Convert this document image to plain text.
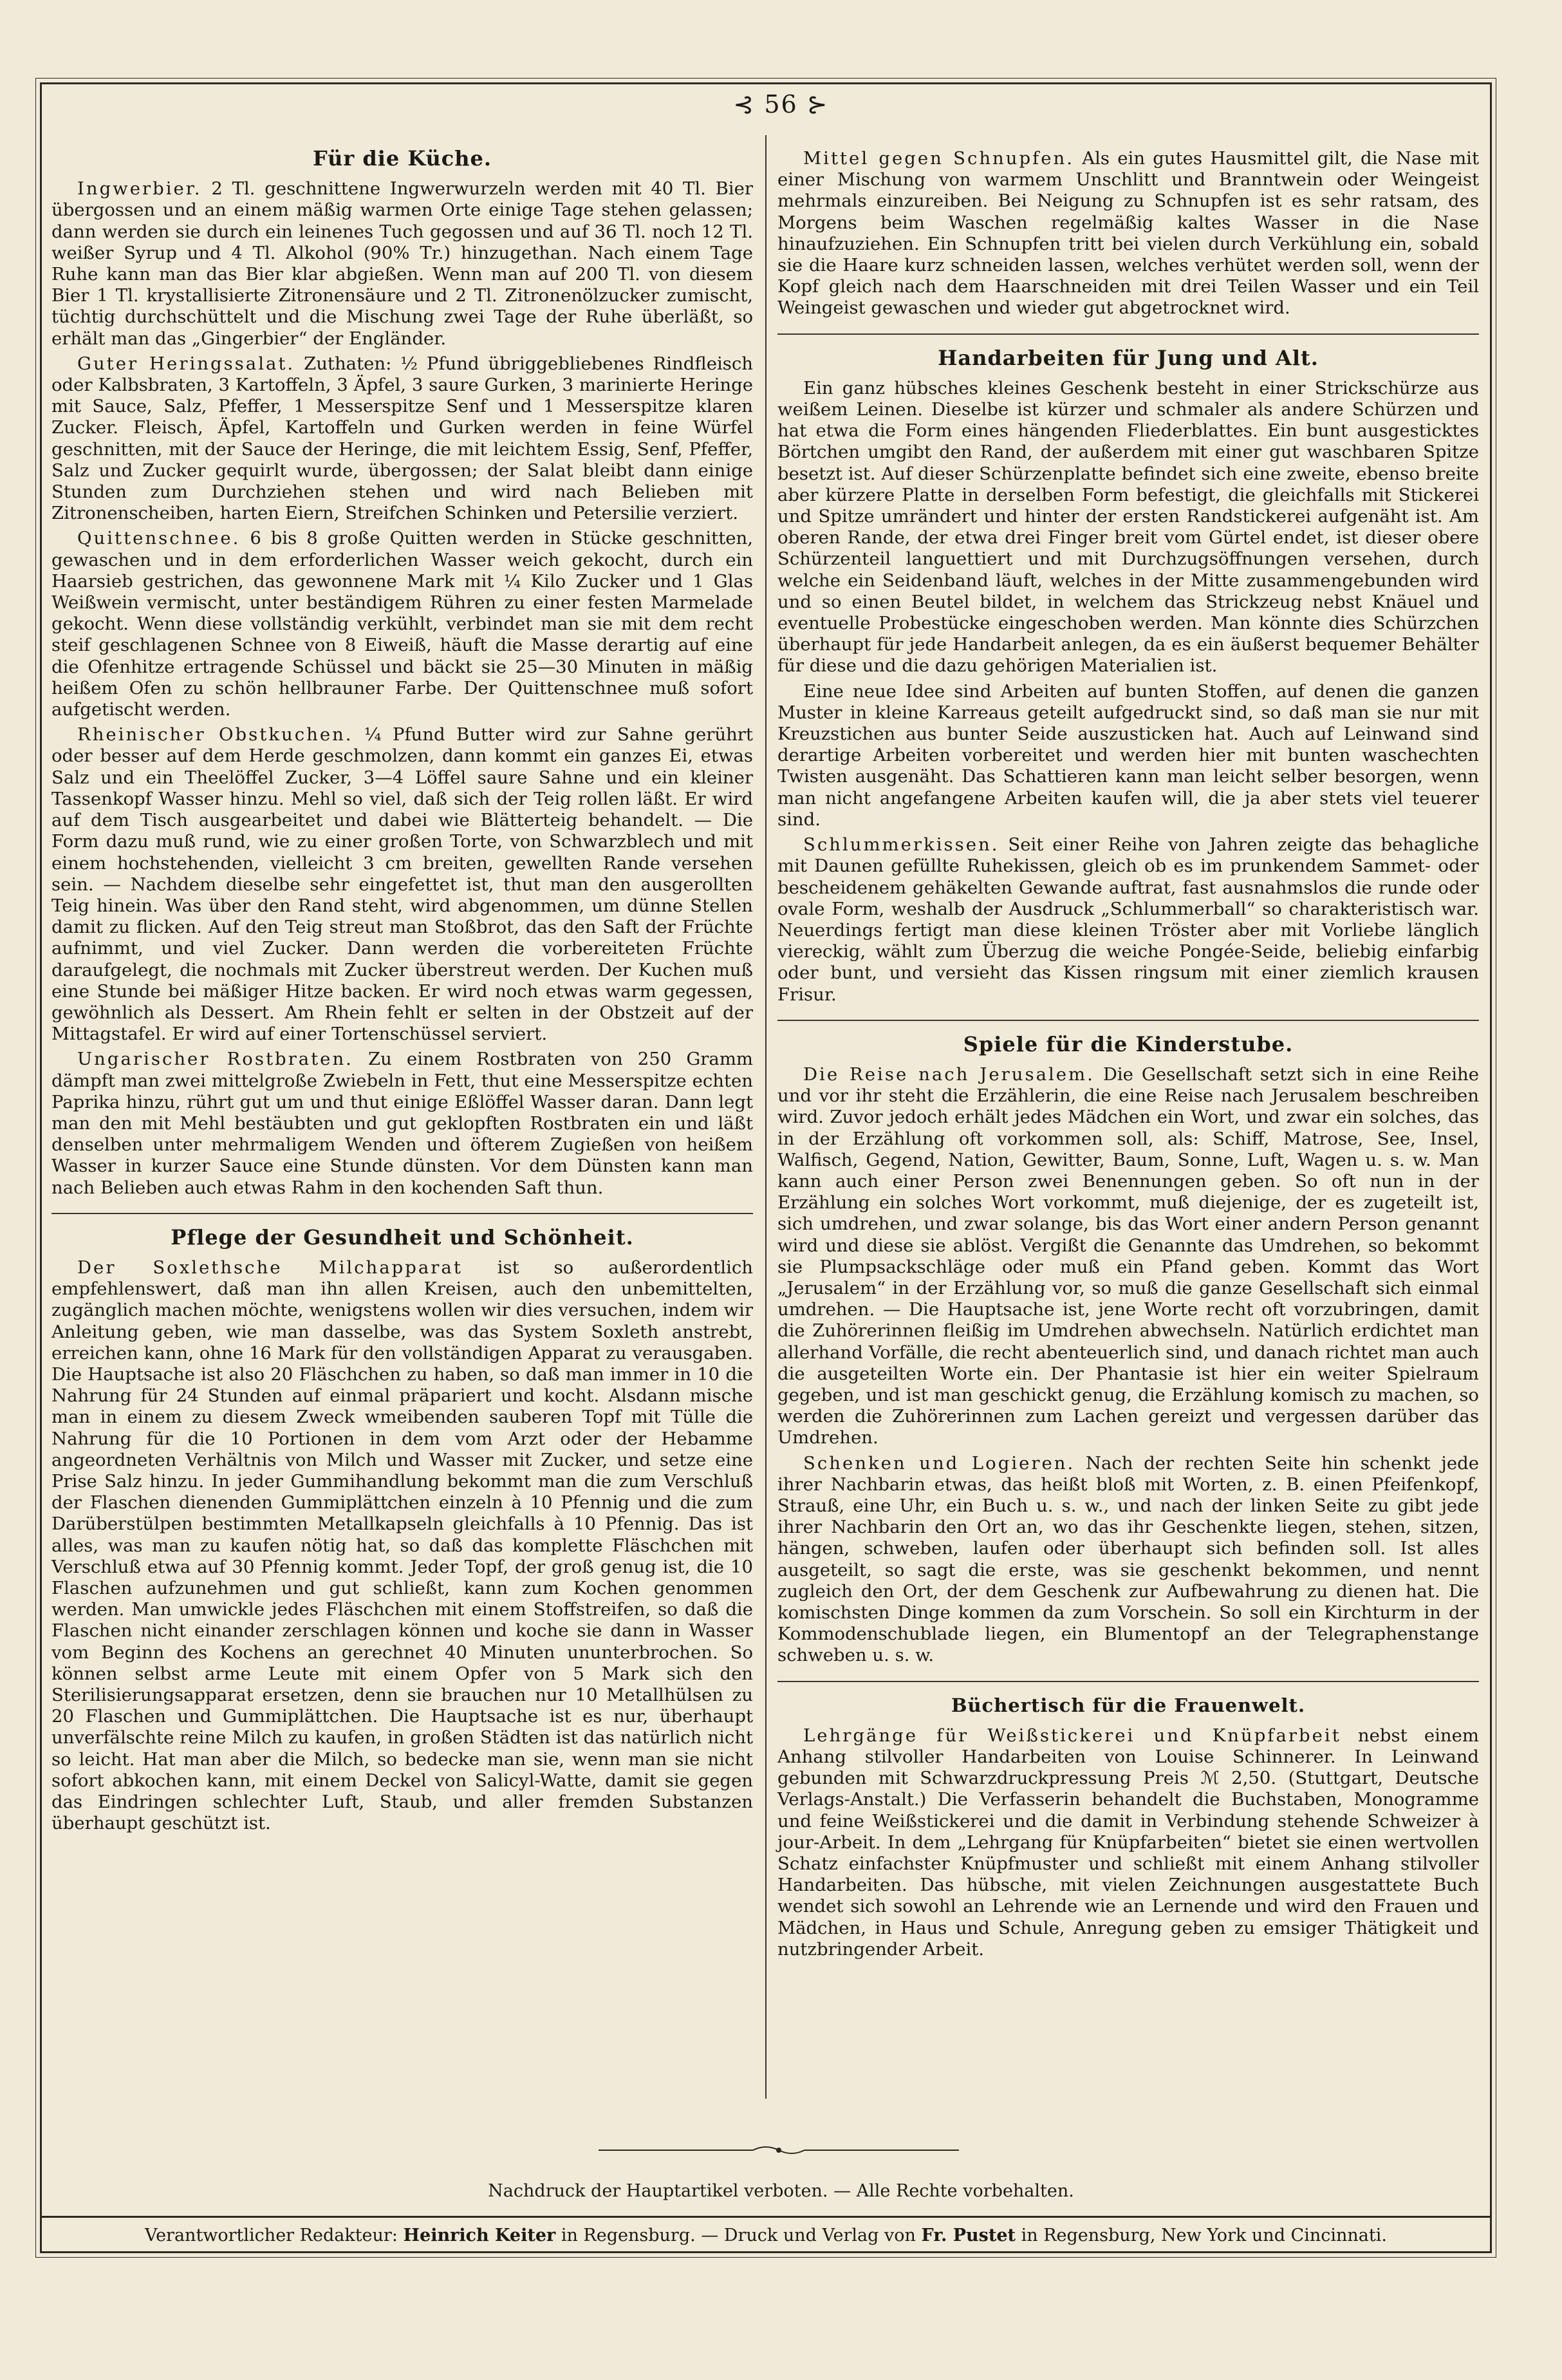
⊰ 56 ⊱
Für die Küche.

Ingwerbier. 2 Tl. geschnittene Ingwerwurzeln werden mit 40 Tl. Bier übergossen und an einem mäßig warmen Orte einige Tage stehen gelassen; dann werden sie durch ein leinenes Tuch gegossen und auf 36 Tl. noch 12 Tl. weißer Syrup und 4 Tl. Alkohol (90% Tr.) hinzugethan. Nach einem Tage Ruhe kann man das Bier klar abgießen. Wenn man auf 200 Tl. von diesem Bier 1 Tl. krystallisierte Zitronensäure und 2 Tl. Zitronenölzucker zumischt, tüchtig durchschüttelt und die Mischung zwei Tage der Ruhe überläßt, so erhält man das „Gingerbier“ der Engländer.

Guter Heringssalat. Zuthaten: ½ Pfund übriggebliebenes Rindfleisch oder Kalbsbraten, 3 Kartoffeln, 3 Äpfel, 3 saure Gurken, 3 marinierte Heringe mit Sauce, Salz, Pfeffer, 1 Messerspitze Senf und 1 Messerspitze klaren Zucker. Fleisch, Äpfel, Kartoffeln und Gurken werden in feine Würfel geschnitten, mit der Sauce der Heringe, die mit leichtem Essig, Senf, Pfeffer, Salz und Zucker gequirlt wurde, übergossen; der Salat bleibt dann einige Stunden zum Durchziehen stehen und wird nach Belieben mit Zitronenscheiben, harten Eiern, Streifchen Schinken und Petersilie verziert.

Quittenschnee. 6 bis 8 große Quitten werden in Stücke geschnitten, gewaschen und in dem erforderlichen Wasser weich gekocht, durch ein Haarsieb gestrichen, das gewonnene Mark mit ¼ Kilo Zucker und 1 Glas Weißwein vermischt, unter beständigem Rühren zu einer festen Marmelade gekocht. Wenn diese vollständig verkühlt, verbindet man sie mit dem recht steif geschlagenen Schnee von 8 Eiweiß, häuft die Masse derartig auf eine die Ofenhitze ertragende Schüssel und bäckt sie 25—30 Minuten in mäßig heißem Ofen zu schön hellbrauner Farbe. Der Quittenschnee muß sofort aufgetischt werden.

Rheinischer Obstkuchen. ¼ Pfund Butter wird zur Sahne gerührt oder besser auf dem Herde geschmolzen, dann kommt ein ganzes Ei, etwas Salz und ein Theelöffel Zucker, 3—4 Löffel saure Sahne und ein kleiner Tassenkopf Wasser hinzu. Mehl so viel, daß sich der Teig rollen läßt. Er wird auf dem Tisch ausgearbeitet und dabei wie Blätterteig behandelt. — Die Form dazu muß rund, wie zu einer großen Torte, von Schwarzblech und mit einem hochstehenden, vielleicht 3 cm breiten, gewellten Rande versehen sein. — Nachdem dieselbe sehr eingefettet ist, thut man den ausgerollten Teig hinein. Was über den Rand steht, wird abgenommen, um dünne Stellen damit zu flicken. Auf den Teig streut man Stoßbrot, das den Saft der Früchte aufnimmt, und viel Zucker. Dann werden die vorbereiteten Früchte daraufgelegt, die nochmals mit Zucker überstreut werden. Der Kuchen muß eine Stunde bei mäßiger Hitze backen. Er wird noch etwas warm gegessen, gewöhnlich als Dessert. Am Rhein fehlt er selten in der Obstzeit auf der Mittagstafel. Er wird auf einer Tortenschüssel serviert.

Ungarischer Rostbraten. Zu einem Rostbraten von 250 Gramm dämpft man zwei mittelgroße Zwiebeln in Fett, thut eine Messerspitze echten Paprika hinzu, rührt gut um und thut einige Eßlöffel Wasser daran. Dann legt man den mit Mehl bestäubten und gut geklopften Rostbraten ein und läßt denselben unter mehrmaligem Wenden und öfterem Zugießen von heißem Wasser in kurzer Sauce eine Stunde dünsten. Vor dem Dünsten kann man nach Belieben auch etwas Rahm in den kochenden Saft thun.

Pflege der Gesundheit und Schönheit.

Der Soxlethsche Milchapparat ist so außerordentlich empfehlenswert, daß man ihn allen Kreisen, auch den unbemittelten, zugänglich machen möchte, wenigstens wollen wir dies versuchen, indem wir Anleitung geben, wie man dasselbe, was das System Soxleth anstrebt, erreichen kann, ohne 16 Mark für den vollständigen Apparat zu verausgaben. Die Hauptsache ist also 20 Fläschchen zu haben, so daß man immer in 10 die Nahrung für 24 Stunden auf einmal präpariert und kocht. Alsdann mische man in einem zu diesem Zweck wmeibenden sauberen Topf mit Tülle die Nahrung für die 10 Portionen in dem vom Arzt oder der Hebamme angeordneten Verhältnis von Milch und Wasser mit Zucker, und setze eine Prise Salz hinzu. In jeder Gummihandlung bekommt man die zum Verschluß der Flaschen dienenden Gummiplättchen einzeln à 10 Pfennig und die zum Darüberstülpen bestimmten Metallkapseln gleichfalls à 10 Pfennig. Das ist alles, was man zu kaufen nötig hat, so daß das komplette Fläschchen mit Verschluß etwa auf 30 Pfennig kommt. Jeder Topf, der groß genug ist, die 10 Flaschen aufzunehmen und gut schließt, kann zum Kochen genommen werden. Man umwickle jedes Fläschchen mit einem Stoffstreifen, so daß die Flaschen nicht einander zerschlagen können und koche sie dann in Wasser vom Beginn des Kochens an gerechnet 40 Minuten ununterbrochen. So können selbst arme Leute mit einem Opfer von 5 Mark sich den Sterilisierungsapparat ersetzen, denn sie brauchen nur 10 Metallhülsen zu 20 Flaschen und Gummiplättchen. Die Hauptsache ist es nur, überhaupt unverfälschte reine Milch zu kaufen, in großen Städten ist das natürlich nicht so leicht. Hat man aber die Milch, so bedecke man sie, wenn man sie nicht sofort abkochen kann, mit einem Deckel von Salicyl-Watte, damit sie gegen das Eindringen schlechter Luft, Staub, und aller fremden Substanzen überhaupt geschützt ist.

Mittel gegen Schnupfen. Als ein gutes Hausmittel gilt, die Nase mit einer Mischung von warmem Unschlitt und Branntwein oder Weingeist mehrmals einzureiben. Bei Neigung zu Schnupfen ist es sehr ratsam, des Morgens beim Waschen regelmäßig kaltes Wasser in die Nase hinaufzuziehen. Ein Schnupfen tritt bei vielen durch Verkühlung ein, sobald sie die Haare kurz schneiden lassen, welches verhütet werden soll, wenn der Kopf gleich nach dem Haarschneiden mit drei Teilen Wasser und ein Teil Weingeist gewaschen und wieder gut abgetrocknet wird.

Handarbeiten für Jung und Alt.

Ein ganz hübsches kleines Geschenk besteht in einer Strickschürze aus weißem Leinen. Dieselbe ist kürzer und schmaler als andere Schürzen und hat etwa die Form eines hängenden Fliederblattes. Ein bunt ausgesticktes Börtchen umgibt den Rand, der außerdem mit einer gut waschbaren Spitze besetzt ist. Auf dieser Schürzenplatte befindet sich eine zweite, ebenso breite aber kürzere Platte in derselben Form befestigt, die gleichfalls mit Stickerei und Spitze umrändert und hinter der ersten Randstickerei aufgenäht ist. Am oberen Rande, der etwa drei Finger breit vom Gürtel endet, ist dieser obere Schürzenteil languettiert und mit Durchzugsöffnungen versehen, durch welche ein Seidenband läuft, welches in der Mitte zusammengebunden wird und so einen Beutel bildet, in welchem das Strickzeug nebst Knäuel und eventuelle Probestücke eingeschoben werden. Man könnte dies Schürzchen überhaupt für jede Handarbeit anlegen, da es ein äußerst bequemer Behälter für diese und die dazu gehörigen Materialien ist.

Eine neue Idee sind Arbeiten auf bunten Stoffen, auf denen die ganzen Muster in kleine Karreaus geteilt aufgedruckt sind, so daß man sie nur mit Kreuzstichen aus bunter Seide auszusticken hat. Auch auf Leinwand sind derartige Arbeiten vorbereitet und werden hier mit bunten waschechten Twisten ausgenäht. Das Schattieren kann man leicht selber besorgen, wenn man nicht angefangene Arbeiten kaufen will, die ja aber stets viel teuerer sind.

Schlummerkissen. Seit einer Reihe von Jahren zeigte das behagliche mit Daunen gefüllte Ruhekissen, gleich ob es im prunkendem Sammet- oder bescheidenem gehäkelten Gewande auftrat, fast ausnahmslos die runde oder ovale Form, weshalb der Ausdruck „Schlummerball“ so charakteristisch war. Neuerdings fertigt man diese kleinen Tröster aber mit Vorliebe länglich viereckig, wählt zum Überzug die weiche Pongée-Seide, beliebig einfarbig oder bunt, und versieht das Kissen ringsum mit einer ziemlich krausen Frisur.

Spiele für die Kinderstube.

Die Reise nach Jerusalem. Die Gesellschaft setzt sich in eine Reihe und vor ihr steht die Erzählerin, die eine Reise nach Jerusalem beschreiben wird. Zuvor jedoch erhält jedes Mädchen ein Wort, und zwar ein solches, das in der Erzählung oft vorkommen soll, als: Schiff, Matrose, See, Insel, Walfisch, Gegend, Nation, Gewitter, Baum, Sonne, Luft, Wagen u. s. w. Man kann auch einer Person zwei Benennungen geben. So oft nun in der Erzählung ein solches Wort vorkommt, muß diejenige, der es zugeteilt ist, sich umdrehen, und zwar solange, bis das Wort einer andern Person genannt wird und diese sie ablöst. Vergißt die Genannte das Umdrehen, so bekommt sie Plumpsackschläge oder muß ein Pfand geben. Kommt das Wort „Jerusalem“ in der Erzählung vor, so muß die ganze Gesellschaft sich einmal umdrehen. — Die Hauptsache ist, jene Worte recht oft vorzubringen, damit die Zuhörerinnen fleißig im Umdrehen abwechseln. Natürlich erdichtet man allerhand Vorfälle, die recht abenteuerlich sind, und danach richtet man auch die ausgeteilten Worte ein. Der Phantasie ist hier ein weiter Spielraum gegeben, und ist man geschickt genug, die Erzählung komisch zu machen, so werden die Zuhörerinnen zum Lachen gereizt und vergessen darüber das Umdrehen.

Schenken und Logieren. Nach der rechten Seite hin schenkt jede ihrer Nachbarin etwas, das heißt bloß mit Worten, z. B. einen Pfeifenkopf, Strauß, eine Uhr, ein Buch u. s. w., und nach der linken Seite zu gibt jede ihrer Nachbarin den Ort an, wo das ihr Geschenkte liegen, stehen, sitzen, hängen, schweben, laufen oder überhaupt sich befinden soll. Ist alles ausgeteilt, so sagt die erste, was sie geschenkt bekommen, und nennt zugleich den Ort, der dem Geschenk zur Aufbewahrung zu dienen hat. Die komischsten Dinge kommen da zum Vorschein. So soll ein Kirchturm in der Kommodenschublade liegen, ein Blumentopf an der Telegraphenstange schweben u. s. w.

Büchertisch für die Frauenwelt.

Lehrgänge für Weißstickerei und Knüpfarbeit nebst einem Anhang stilvoller Handarbeiten von Louise Schinnerer. In Leinwand gebunden mit Schwarzdruckpressung Preis ℳ 2,50. (Stuttgart, Deutsche Verlags-Anstalt.) Die Verfasserin behandelt die Buchstaben, Monogramme und feine Weißstickerei und die damit in Verbindung stehende Schweizer à jour-Arbeit. In dem „Lehrgang für Knüpfarbeiten“ bietet sie einen wertvollen Schatz einfachster Knüpfmuster und schließt mit einem Anhang stilvoller Handarbeiten. Das hübsche, mit vielen Zeichnungen ausgestattete Buch wendet sich sowohl an Lehrende wie an Lernende und wird den Frauen und Mädchen, in Haus und Schule, Anregung geben zu emsiger Thätigkeit und nutzbringender Arbeit.

Nachdruck der Hauptartikel verboten. — Alle Rechte vorbehalten.
Verantwortlicher Redakteur: Heinrich Keiter in Regensburg. — Druck und Verlag von Fr. Pustet in Regensburg, New York und Cincinnati.
